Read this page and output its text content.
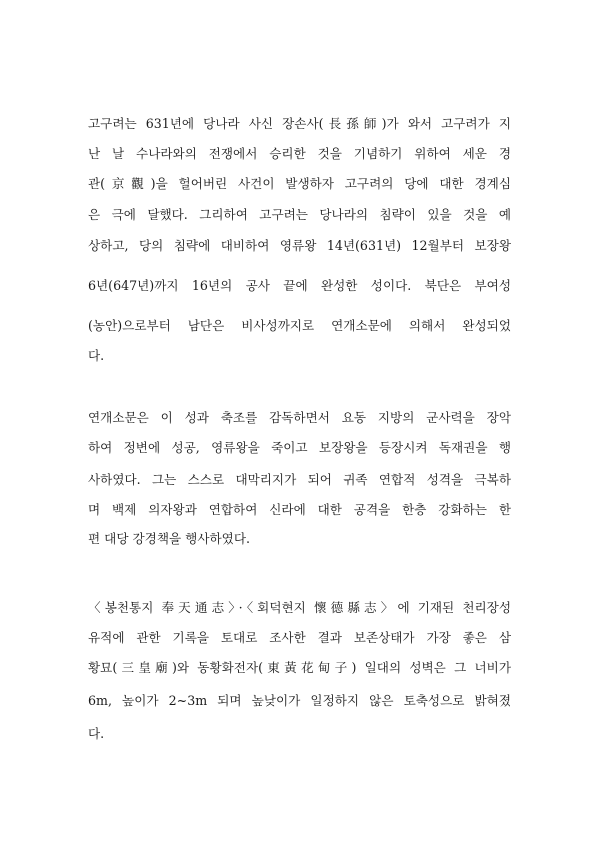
고구려는 631년에 당나라 사신 장손사(長孫師)가 와서 고구려가 지
난 날 수나라와의 전쟁에서 승리한 것을 기념하기 위하여 세운 경
관(京觀)을 헐어버린 사건이 발생하자 고구려의 당에 대한 경계심
은 극에 달했다. 그리하여 고구려는 당나라의 침략이 있을 것을 예
상하고, 당의 침략에 대비하여 영류왕 14년(631년) 12월부터 보장왕
6년(647년)까지 16년의 공사 끝에 완성한 성이다. 북단은 부여성
(농안)으로부터 남단은 비사성까지로 연개소문에 의해서 완성되었
다.
연개소문은 이 성과 축조를 감독하면서 요동 지방의 군사력을 장악
하여 정변에 성공, 영류왕을 죽이고 보장왕을 등장시켜 독재권을 행
사하였다. 그는 스스로 대막리지가 되어 귀족 연합적 성격을 극복하
며 백제 의자왕과 연합하여 신라에 대한 공격을 한층 강화하는 한
편 대당 강경책을 행사하였다.
〈봉천통지 奉天通志〉·〈회덕현지 懷德縣志〉에 기재된 천리장성
유적에 관한 기록을 토대로 조사한 결과 보존상태가 가장 좋은 삼
황묘(三皇廟)와 동황화전자(東黃花甸子) 일대의 성벽은 그 너비가
6m, 높이가 2~3m 되며 높낮이가 일정하지 않은 토축성으로 밝혀졌
다.
